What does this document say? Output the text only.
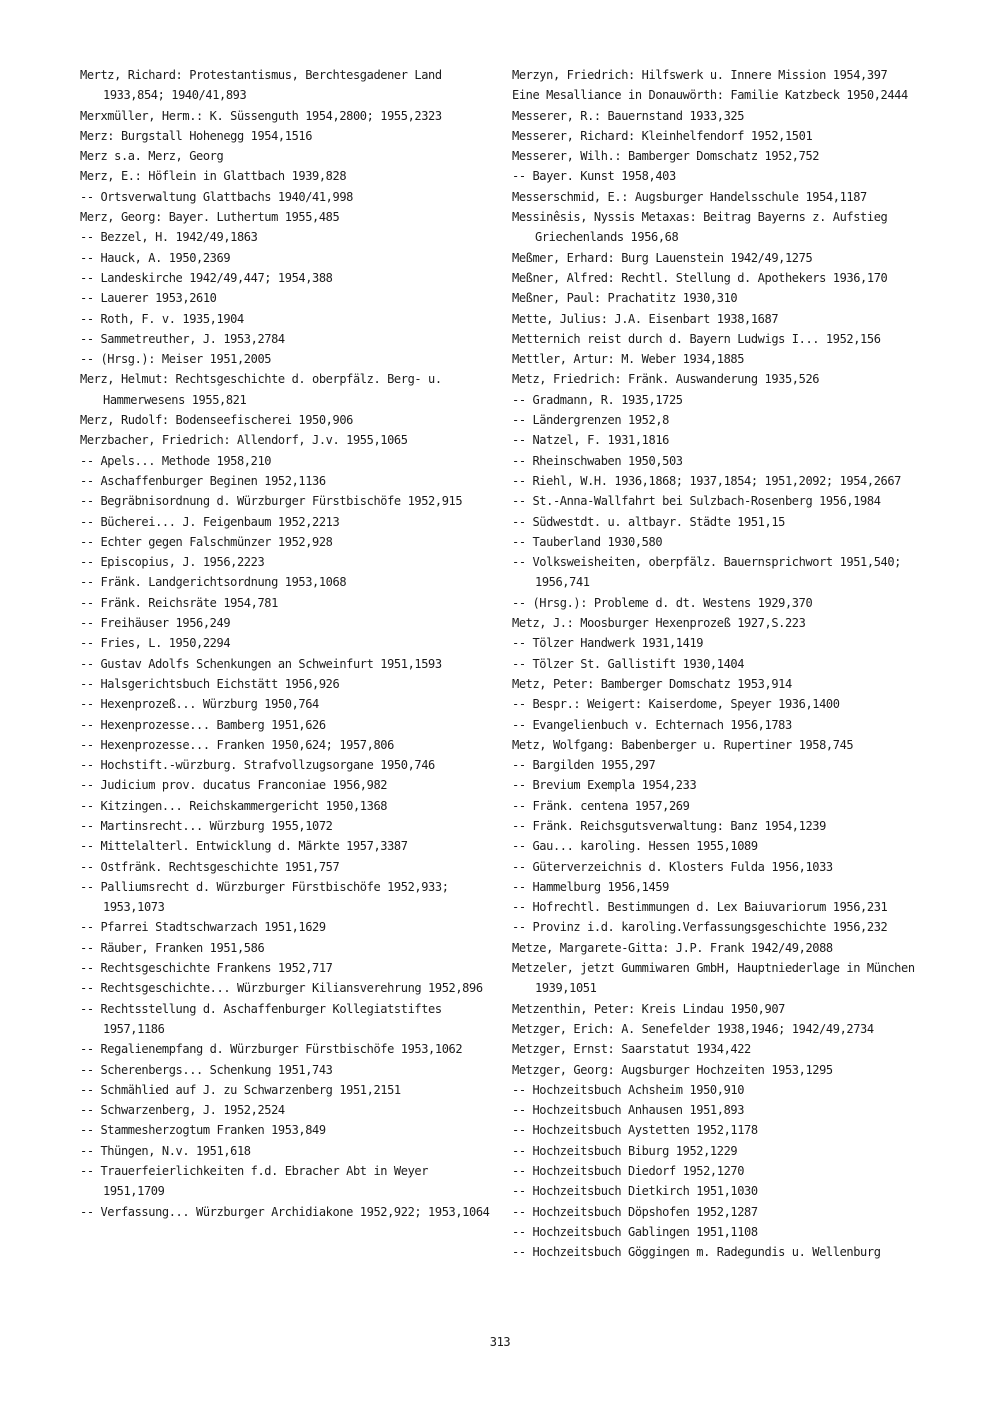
Mertz, Richard: Protestantismus, Berchtesgadener Land 1933,854; 1940/41,893
Merxmüller, Herm.: K. Süssenguth 1954,2800; 1955,2323
Merz: Burgstall Hohenegg 1954,1516
Merz s.a. Merz, Georg
Merz, E.: Höflein in Glattbach 1939,828
-- Ortsverwaltung Glattbachs 1940/41,998
Merz, Georg: Bayer. Luthertum 1955,485
-- Bezzel, H. 1942/49,1863
-- Hauck, A. 1950,2369
-- Landeskirche 1942/49,447; 1954,388
-- Lauerer 1953,2610
-- Roth, F. v. 1935,1904
-- Sammetreuther, J. 1953,2784
-- (Hrsg.): Meiser 1951,2005
Merz, Helmut: Rechtsgeschichte d. oberpfälz. Berg- u. Hammerwesens 1955,821
Merz, Rudolf: Bodenseefischerei 1950,906
Merzbacher, Friedrich: Allendorf, J.v. 1955,1065
-- Apels... Methode 1958,210
-- Aschaffenburger Beginen 1952,1136
-- Begräbnisordnung d. Würzburger Fürstbischöfe 1952,915
-- Bücherei... J. Feigenbaum 1952,2213
-- Echter gegen Falschmünzer 1952,928
-- Episcopius, J. 1956,2223
-- Fränk. Landgerichtsordnung 1953,1068
-- Fränk. Reichsräte 1954,781
-- Freihäuser 1956,249
-- Fries, L. 1950,2294
-- Gustav Adolfs Schenkungen an Schweinfurt 1951,1593
-- Halsgerichtsbuch Eichstätt 1956,926
-- Hexenprozeß... Würzburg 1950,764
-- Hexenprozesse... Bamberg 1951,626
-- Hexenprozesse... Franken 1950,624; 1957,806
-- Hochstift.-würzburg. Strafvollzugsorgane 1950,746
-- Judicium prov. ducatus Franconiae 1956,982
-- Kitzingen... Reichskammergericht 1950,1368
-- Martinsrecht... Würzburg 1955,1072
-- Mittelalterl. Entwicklung d. Märkte 1957,3387
-- Ostfränk. Rechtsgeschichte 1951,757
-- Palliumsrecht d. Würzburger Fürstbischöfe 1952,933; 1953,1073
-- Pfarrei Stadtschwarzach 1951,1629
-- Räuber, Franken 1951,586
-- Rechtsgeschichte Frankens 1952,717
-- Rechtsgeschichte... Würzburger Kiliansverehrung 1952,896
-- Rechtsstellung d. Aschaffenburger Kollegiatstiftes 1957,1186
-- Regalienempfang d. Würzburger Fürstbischöfe 1953,1062
-- Scherenbergs... Schenkung 1951,743
-- Schmählied auf J. zu Schwarzenberg 1951,2151
-- Schwarzenberg, J. 1952,2524
-- Stammesherzogtum Franken 1953,849
-- Thüngen, N.v. 1951,618
-- Trauerfeierlichkeiten f.d. Ebracher Abt in Weyer 1951,1709
-- Verfassung... Würzburger Archidiakone 1952,922; 1953,1064
Merzyn, Friedrich: Hilfswerk u. Innere Mission 1954,397
Eine Mesalliance in Donauwörth: Familie Katzbeck 1950,2444
Messerer, R.: Bauernstand 1933,325
Messerer, Richard: Kleinhelfendorf 1952,1501
Messerer, Wilh.: Bamberger Domschatz 1952,752
-- Bayer. Kunst 1958,403
Messerschmid, E.: Augsburger Handelsschule 1954,1187
Messinêsis, Nyssis Metaxas: Beitrag Bayerns z. Aufstieg Griechenlands 1956,68
Meßmer, Erhard: Burg Lauenstein 1942/49,1275
Meßner, Alfred: Rechtl. Stellung d. Apothekers 1936,170
Meßner, Paul: Prachatitz 1930,310
Mette, Julius: J.A. Eisenbart 1938,1687
Metternich reist durch d. Bayern Ludwigs I... 1952,156
Mettler, Artur: M. Weber 1934,1885
Metz, Friedrich: Fränk. Auswanderung 1935,526
-- Gradmann, R. 1935,1725
-- Ländergrenzen 1952,8
-- Natzel, F. 1931,1816
-- Rheinschwaben 1950,503
-- Riehl, W.H. 1936,1868; 1937,1854; 1951,2092; 1954,2667
-- St.-Anna-Wallfahrt bei Sulzbach-Rosenberg 1956,1984
-- Südwestdt. u. altbayr. Städte 1951,15
-- Tauberland 1930,580
-- Volksweisheiten, oberpfälz. Bauernsprichwort 1951,540; 1956,741
-- (Hrsg.): Probleme d. dt. Westens 1929,370
Metz, J.: Moosburger Hexenprozeß 1927,S.223
-- Tölzer Handwerk 1931,1419
-- Tölzer St. Gallistift 1930,1404
Metz, Peter: Bamberger Domschatz 1953,914
-- Bespr.: Weigert: Kaiserdome, Speyer 1936,1400
-- Evangelienbuch v. Echternach 1956,1783
Metz, Wolfgang: Babenberger u. Rupertiner 1958,745
-- Bargilden 1955,297
-- Brevium Exempla 1954,233
-- Fränk. centena 1957,269
-- Fränk. Reichsgutsverwaltung: Banz 1954,1239
-- Gau... karoling. Hessen 1955,1089
-- Güterverzeichnis d. Klosters Fulda 1956,1033
-- Hammelburg 1956,1459
-- Hofrechtl. Bestimmungen d. Lex Baiuvariorum 1956,231
-- Provinz i.d. karoling.Verfassungsgeschichte 1956,232
Metze, Margarete-Gitta: J.P. Frank 1942/49,2088
Metzeler, jetzt Gummiwaren GmbH, Hauptniederlage in München 1939,1051
Metzenthin, Peter: Kreis Lindau 1950,907
Metzger, Erich: A. Senefelder 1938,1946; 1942/49,2734
Metzger, Ernst: Saarstatut 1934,422
Metzger, Georg: Augsburger Hochzeiten 1953,1295
-- Hochzeitsbuch Achsheim 1950,910
-- Hochzeitsbuch Anhausen 1951,893
-- Hochzeitsbuch Aystetten 1952,1178
-- Hochzeitsbuch Biburg 1952,1229
-- Hochzeitsbuch Diedorf 1952,1270
-- Hochzeitsbuch Dietkirch 1951,1030
-- Hochzeitsbuch Döpshofen 1952,1287
-- Hochzeitsbuch Gablingen 1951,1108
-- Hochzeitsbuch Göggingen m. Radegundis u. Wellenburg
313
